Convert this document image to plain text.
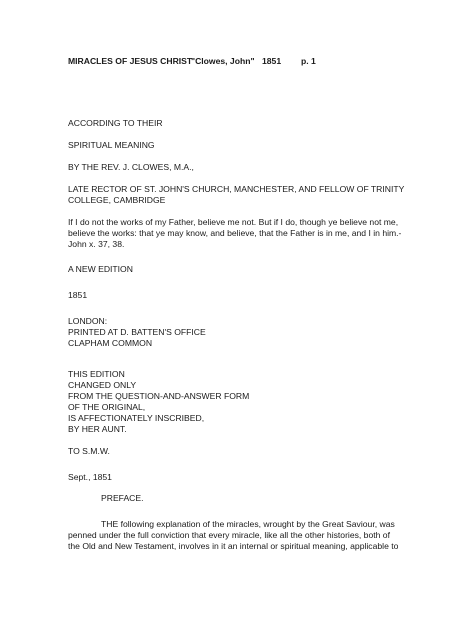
MIRACLES OF JESUS CHRIST
"Clowes, John" 1851 p. 1

ACCORDING TO THEIR

SPIRITUAL MEANING

BY THE REV. J. CLOWES, M.A.,

LATE RECTOR OF ST. JOHN'S CHURCH, MANCHESTER, AND FELLOW OF TRINITY

COLLEGE, CAMBRIDGE

If I do not the works of my Father, believe me not. But if I do, though ye believe not me,

believe the works: that ye may know, and believe, that the Father is in me, and I in him.-

John x. 37, 38.

A NEW EDITION

1851

LONDON:

PRINTED AT D. BATTEN'S OFFICE

CLAPHAM COMMON

THIS EDITION

CHANGED ONLY

FROM THE QUESTION-AND-ANSWER FORM

OF THE ORIGINAL,

IS AFFECTIONATELY INSCRIBED,

BY HER AUNT.

TO S.M.W.

Sept., 1851

PREFACE.

THE following explanation of the miracles, wrought by the Great Saviour, was

penned under the full conviction that every miracle, like all the other histories, both of

the Old and New Testament, involves in it an internal or spiritual meaning, applicable to
